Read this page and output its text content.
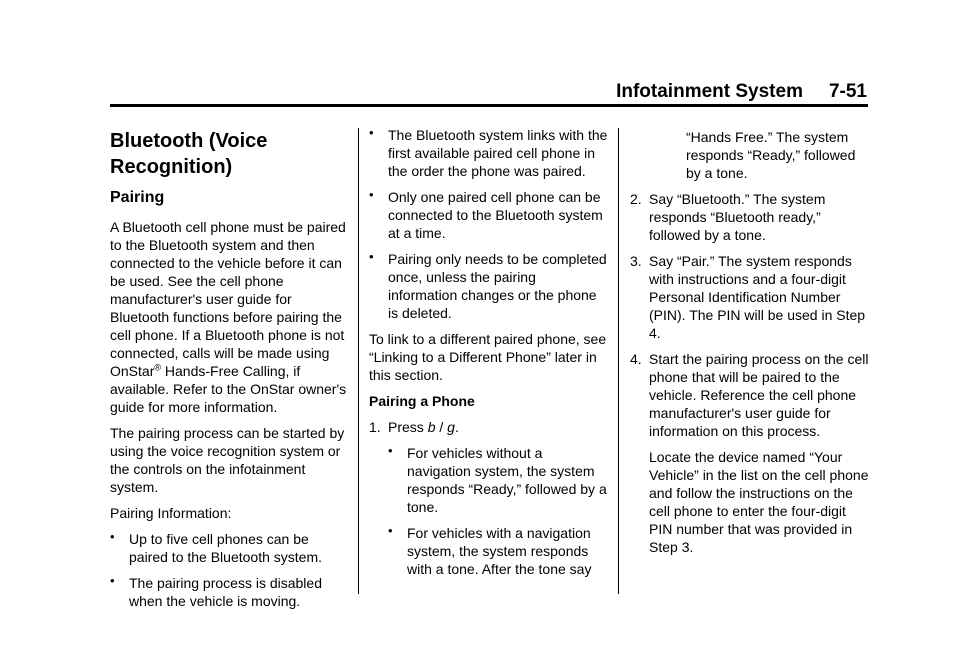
Infotainment System 7-51

Bluetooth (Voice Recognition)

Pairing

A Bluetooth cell phone must be paired to the Bluetooth system and then connected to the vehicle before it can be used. See the cell phone manufacturer's user guide for Bluetooth functions before pairing the cell phone. If a Bluetooth phone is not connected, calls will be made using OnStar® Hands-Free Calling, if available. Refer to the OnStar owner's guide for more information.

The pairing process can be started by using the voice recognition system or the controls on the infotainment system.

Pairing Information:

• Up to five cell phones can be paired to the Bluetooth system.

• The pairing process is disabled when the vehicle is moving.

• The Bluetooth system links with the first available paired cell phone in the order the phone was paired.

• Only one paired cell phone can be connected to the Bluetooth system at a time.

• Pairing only needs to be completed once, unless the pairing information changes or the phone is deleted.

To link to a different paired phone, see “Linking to a Different Phone” later in this section.

Pairing a Phone

1. Press b / g.

• For vehicles without a navigation system, the system responds “Ready,” followed by a tone.

• For vehicles with a navigation system, the system responds with a tone. After the tone say

“Hands Free.” The system responds “Ready,” followed by a tone.

2. Say “Bluetooth.” The system responds “Bluetooth ready,” followed by a tone.

3. Say “Pair.” The system responds with instructions and a four-digit Personal Identification Number (PIN). The PIN will be used in Step 4.

4. Start the pairing process on the cell phone that will be paired to the vehicle. Reference the cell phone manufacturer's user guide for information on this process.

Locate the device named “Your Vehicle” in the list on the cell phone and follow the instructions on the cell phone to enter the four-digit PIN number that was provided in Step 3.
